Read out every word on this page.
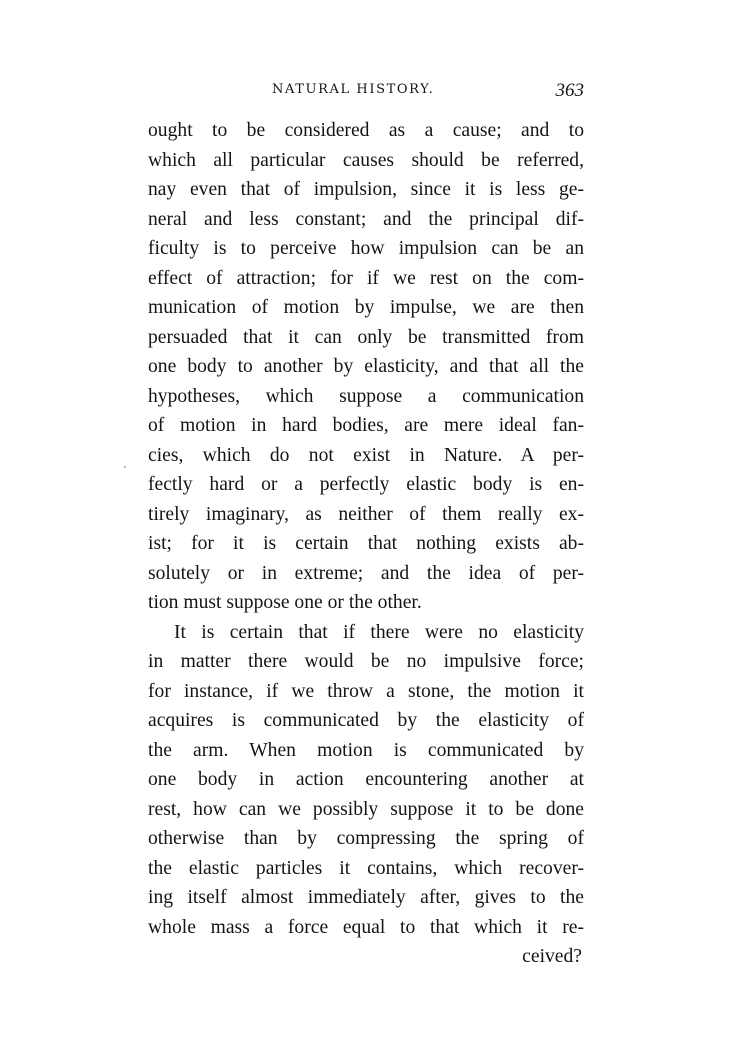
NATURAL HISTORY.	363
ought to be considered as a cause; and to
which all particular causes should be referred,
nay even that of impulsion, since it is less ge-
neral and less constant; and the principal dif-
ficulty is to perceive how impulsion can be an
effect of attraction; for if we rest on the com-
munication of motion by impulse, we are then
persuaded that it can only be transmitted from
one body to another by elasticity, and that all the
hypotheses, which suppose a communication
of motion in hard bodies, are mere ideal fan-
cies, which do not exist in Nature. A per-
fectly hard or a perfectly elastic body is en-
tirely imaginary, as neither of them really ex-
ist; for it is certain that nothing exists ab-
solutely or in extreme; and the idea of per-
tion must suppose one or the other.
It is certain that if there were no elasticity
in matter there would be no impulsive force;
for instance, if we throw a stone, the motion it
acquires is communicated by the elasticity of
the arm. When motion is communicated by
one body in action encountering another at
rest, how can we possibly suppose it to be done
otherwise than by compressing the spring of
the elastic particles it contains, which recover-
ing itself almost immediately after, gives to the
whole mass a force equal to that which it re-
ceived?
